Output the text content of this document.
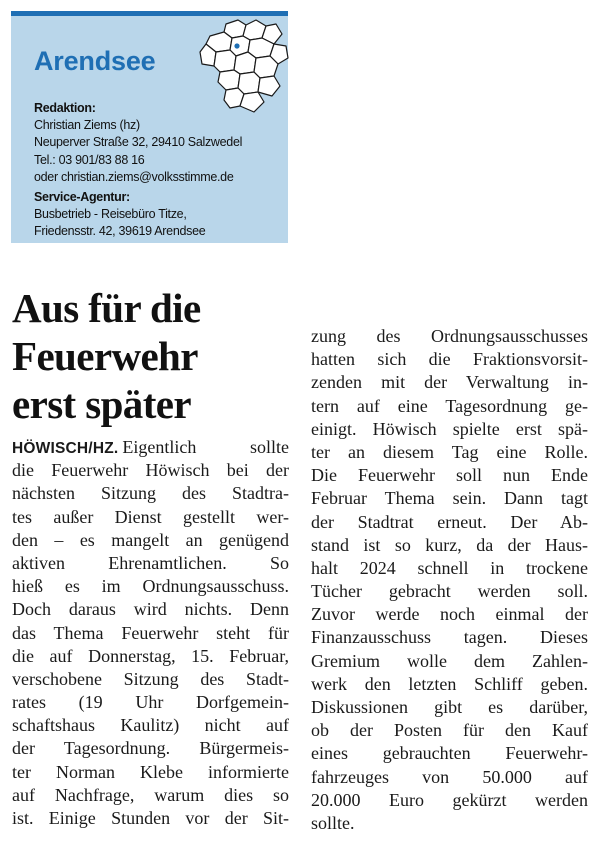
Arendsee
Redaktion:
Christian Ziems (hz)
Neuperver Straße 32, 29410 Salzwedel
Tel.: 03 901/83 88 16
oder christian.ziems@volksstimme.de
Service-Agentur:
Busbetrieb - Reisebüro Titze,
Friedensstr. 42, 39619 Arendsee
Aus für die
Feuerwehr
erst später
HÖWISCH/HZ. Eigentlich sollte
die Feuerwehr Höwisch bei der
nächsten Sitzung des Stadtra-
tes außer Dienst gestellt wer-
den – es mangelt an genügend
aktiven Ehrenamtlichen. So
hieß es im Ordnungsausschuss.
Doch daraus wird nichts. Denn
das Thema Feuerwehr steht für
die auf Donnerstag, 15. Februar,
verschobene Sitzung des Stadt-
rates (19 Uhr Dorfgemein-
schaftshaus Kaulitz) nicht auf
der Tagesordnung. Bürgermeis-
ter Norman Klebe informierte
auf Nachfrage, warum dies so
ist. Einige Stunden vor der Sit-
zung des Ordnungsausschusses
hatten sich die Fraktionsvorsit-
zenden mit der Verwaltung in-
tern auf eine Tagesordnung ge-
einigt. Höwisch spielte erst spä-
ter an diesem Tag eine Rolle.
Die Feuerwehr soll nun Ende
Februar Thema sein. Dann tagt
der Stadtrat erneut. Der Ab-
stand ist so kurz, da der Haus-
halt 2024 schnell in trockene
Tücher gebracht werden soll.
Zuvor werde noch einmal der
Finanzausschuss tagen. Dieses
Gremium wolle dem Zahlen-
werk den letzten Schliff geben.
Diskussionen gibt es darüber,
ob der Posten für den Kauf
eines gebrauchten Feuerwehr-
fahrzeuges von 50.000 auf
20.000 Euro gekürzt werden
sollte.
